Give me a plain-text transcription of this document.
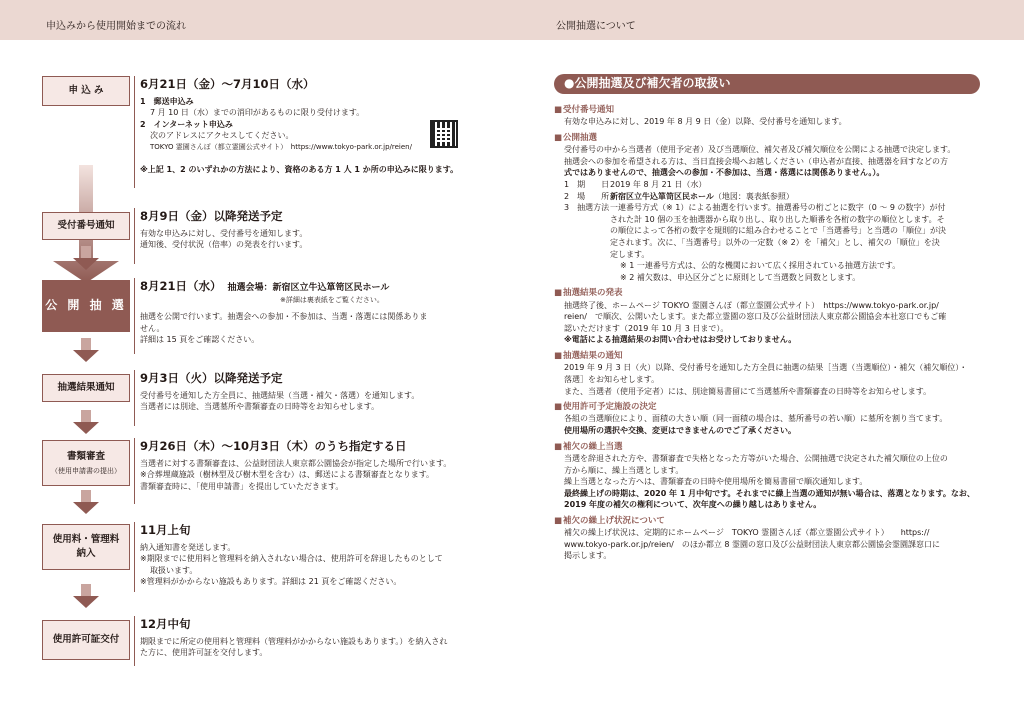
申込みから使用開始までの流れ	公開抽選について
申 込 み	6月21日（金）～7月10日（水）
1　郵送申込み
7 月 10 日（水）までの消印があるものに限り受付けます。
2　インターネット申込み
次のアドレスにアクセスしてください。
TOKYO 霊園さんぽ（都立霊園公式サイト）　https://www.tokyo-park.or.jp/reien/
※上記 1、2 のいずれかの方法により、資格のある方 1 人 1 か所の申込みに限ります。
受付番号通知
8月9日（金）以降発送予定
有効な申込みに対し、受付番号を通知します。
通知後、受付状況（倍率）の発表を行います。
公 開 抽 選
8月21日（水） 抽選会場：新宿区立牛込箪笥区民ホール
※詳細は裏表紙をご覧ください。
抽選を公開で行います。抽選会への参加・不参加は、当選・落選には関係ありま
せん。
詳細は 15 頁をご確認ください。
抽選結果通知
9月3日（火）以降発送予定
受付番号を通知した方全員に、抽選結果（当選・補欠・落選）を通知します。
当選者には別途、当選墓所や書類審査の日時等をお知らせします。
書類審査
（使用申請書の提出）
9月26日（木）～10月3日（木）のうち指定する日
当選者に対する書類審査は、公益財団法人東京都公園協会が指定した場所で行います。
※合葬埋蔵施設（樹林型及び樹木型を含む）は、郵送による書類審査となります。
書類審査時に、「使用申請書」を提出していただきます。
使用料・管理料
納入
11月上旬
納入通知書を発送します。
※期限までに使用料と管理料を納入されない場合は、使用許可を辞退したものとして
取扱います。
※管理料がかからない施設もあります。詳細は 21 頁をご確認ください。
使用許可証交付
12月中旬
期限までに所定の使用料と管理料（管理料がかからない施設もあります。）を納入され
た方に、使用許可証を交付します。
●公開抽選及び補欠者の取扱い
■ 受付番号通知
有効な申込みに対し、2019 年 8 月 9 日（金）以降、受付番号を通知します。
■ 公開抽選
受付番号の中から当選者（使用予定者）及び当選順位、補欠者及び補欠順位を公開による抽選で決定します。
抽選会への参加を希望される方は、当日直接会場へお越しください（申込者が直接、抽選器を回すなどの方
式ではありませんので、抽選会への参加・不参加は、当選・落選には関係ありません。）。
1　期　　日 2019 年 8 月 21 日（水）
2　場　　所 新宿区立牛込箪笥区民ホール （地図：裏表紙参照）
3　抽選方法 一連番号方式（※ 1）による抽選を行います。抽選番号の桁ごとに数字（0 ～ 9 の数字）が付
された計 10 個の玉を抽選器から取り出し、取り出した順番を各桁の数字の順位とします。そ
の順位によって各桁の数字を規則的に組み合わせることで「当選番号」と当選の「順位」が決
定されます。次に、「当選番号」以外の一定数（※ 2）を「補欠」とし、補欠の「順位」を決
定します。
※ 1 一連番号方式は、公的な機関において広く採用されている抽選方法です。
※ 2 補欠数は、申込区分ごとに原則として当選数と同数とします。
■ 抽選結果の発表
抽選終了後、ホームページ TOKYO 霊園さんぽ（都立霊園公式サイト）　https://www.tokyo-park.or.jp/
reien/　で順次、公開いたします。また都立霊園の窓口及び公益財団法人東京都公園協会本社窓口でもご確
認いただけます（2019 年 10 月 3 日まで）。
※電話による抽選結果のお問い合わせはお受けしておりません。
■ 抽選結果の通知
2019 年 9 月 3 日（火）以降、受付番号を通知した方全員に抽選の結果［当選（当選順位）・補欠（補欠順位）・
落選］をお知らせします。
また、当選者（使用予定者）には、別途簡易書留にて当選墓所や書類審査の日時等をお知らせします。
■ 使用許可予定施設の決定
各組の当選順位により、面積の大きい順（同一面積の場合は、墓所番号の若い順）に墓所を割り当てます。
使用場所の選択や交換、変更はできませんのでご了承ください。
■ 補欠の繰上当選
当選を辞退された方や、書類審査で失格となった方等がいた場合、公開抽選で決定された補欠順位の上位の
方から順に、繰上当選とします。
繰上当選となった方へは、書類審査の日時や使用場所を簡易書留で順次通知します。
最終繰上げの時期は、2020 年 1 月中旬です。それまでに繰上当選の通知が無い場合は、落選となります。なお、
2019 年度の補欠の権利について、次年度への繰り越しはありません。
■ 補欠の繰上げ状況について
補欠の繰上げ状況は、定期的にホームページ　TOKYO 霊園さんぽ（都立霊園公式サイト）　　https://
www.tokyo-park.or.jp/reien/　のほか都立 8 霊園の窓口及び公益財団法人東京都公園協会霊園課窓口に
掲示します。
